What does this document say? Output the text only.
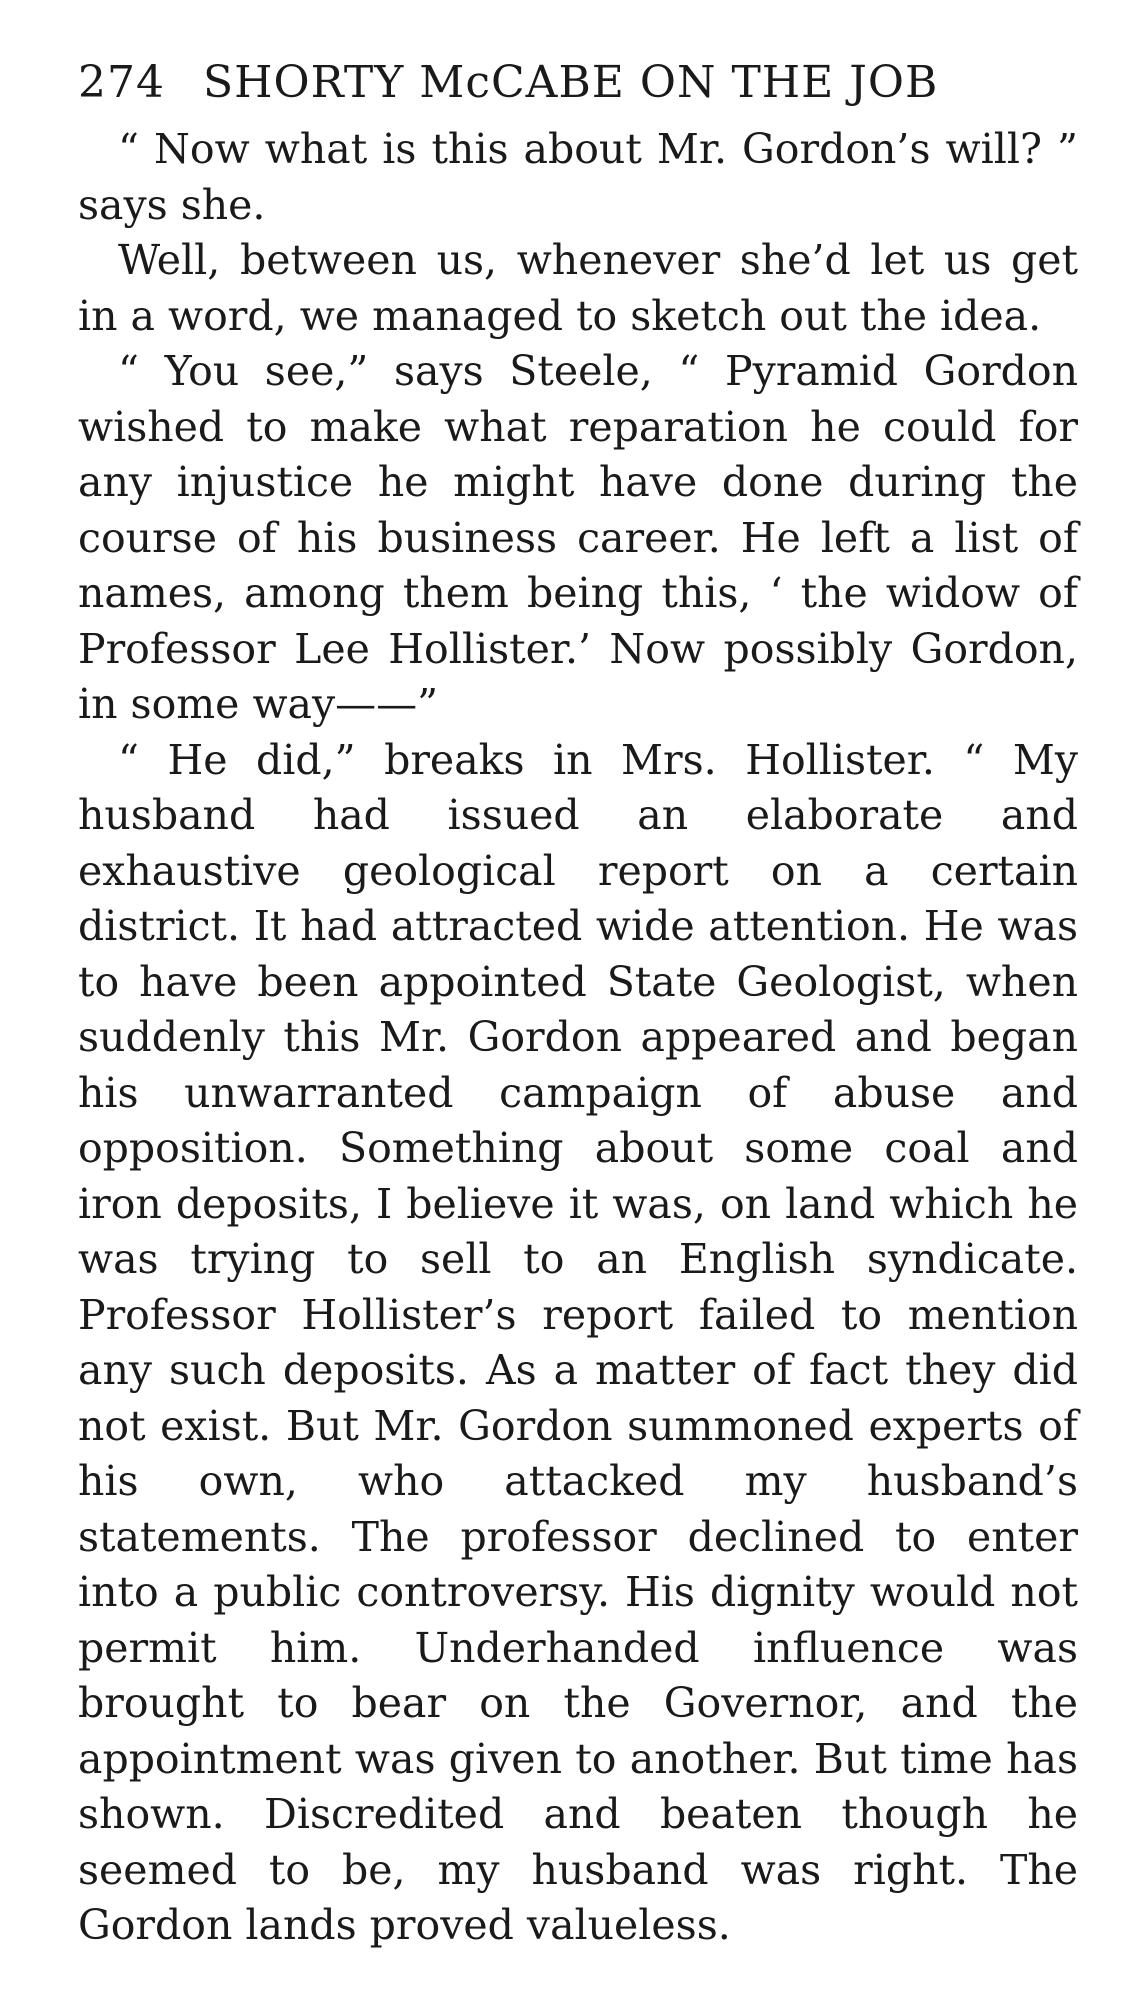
274 SHORTY McCABE ON THE JOB

“ Now what is this about Mr. Gordon’s will? ” says she.

Well, between us, whenever she’d let us get in a word, we managed to sketch out the idea.

“ You see,” says Steele, “ Pyramid Gordon wished to make what reparation he could for any injustice he might have done during the course of his business career. He left a list of names, among them being this, ‘ the widow of Professor Lee Hollister.’ Now possibly Gordon, in some way——”

“ He did,” breaks in Mrs. Hollister. “ My husband had issued an elaborate and exhaustive geological report on a certain district. It had attracted wide attention. He was to have been appointed State Geologist, when suddenly this Mr. Gordon appeared and began his unwarranted campaign of abuse and opposition. Something about some coal and iron deposits, I believe it was, on land which he was trying to sell to an English syndicate. Professor Hollister’s report failed to mention any such deposits. As a matter of fact they did not exist. But Mr. Gordon summoned experts of his own, who attacked my husband’s statements. The professor declined to enter into a public controversy. His dignity would not permit him. Underhanded influence was brought to bear on the Governor, and the appointment was given to another. But time has shown. Discredited and beaten though he seemed to be, my husband was right. The Gordon lands proved valueless.
